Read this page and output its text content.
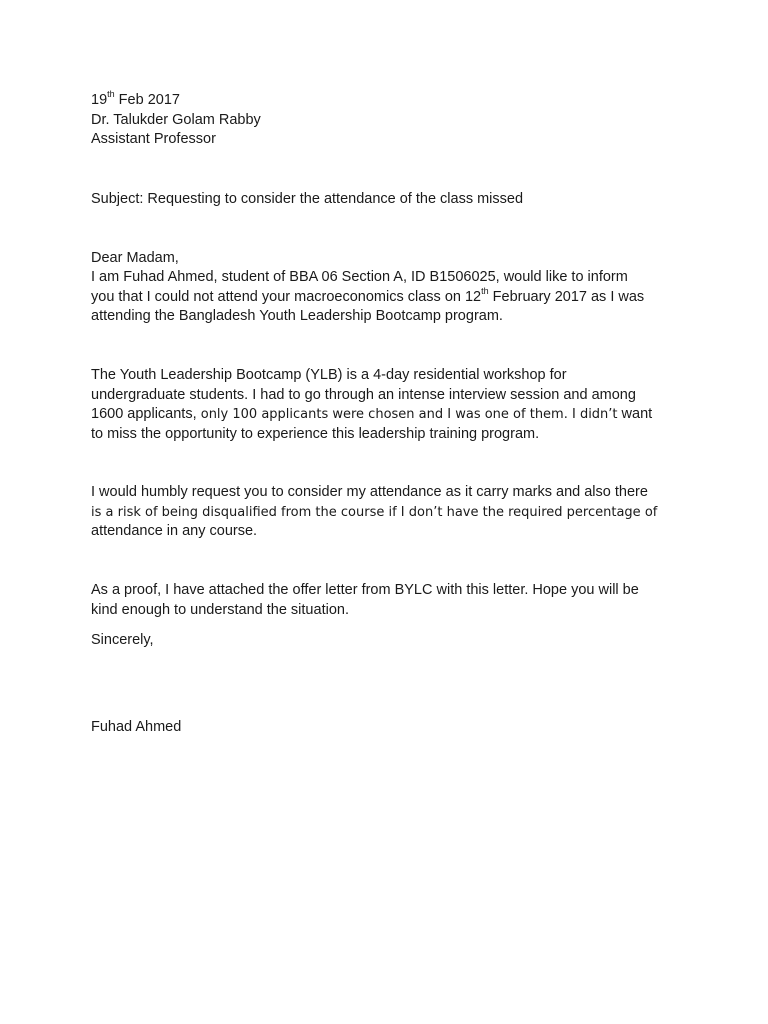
19th Feb 2017
Dr. Talukder Golam Rabby
Assistant Professor
Subject: Requesting to consider the attendance of the class missed
Dear Madam,
I am Fuhad Ahmed, student of BBA 06 Section A, ID B1506025, would like to inform
you that I could not attend your macroeconomics class on 12th February 2017 as I was
attending the Bangladesh Youth Leadership Bootcamp program.
The Youth Leadership Bootcamp (YLB) is a 4-day residential workshop for
undergraduate students. I had to go through an intense interview session and among
1600 applicants, only 100 applicants were chosen and I was one of them. I didn’t want
to miss the opportunity to experience this leadership training program.
I would humbly request you to consider my attendance as it carry marks and also there
is a risk of being disqualified from the course if I don’t have the required percentage of
attendance in any course.
As a proof, I have attached the offer letter from BYLC with this letter. Hope you will be
kind enough to understand the situation.
Sincerely,
Fuhad Ahmed
